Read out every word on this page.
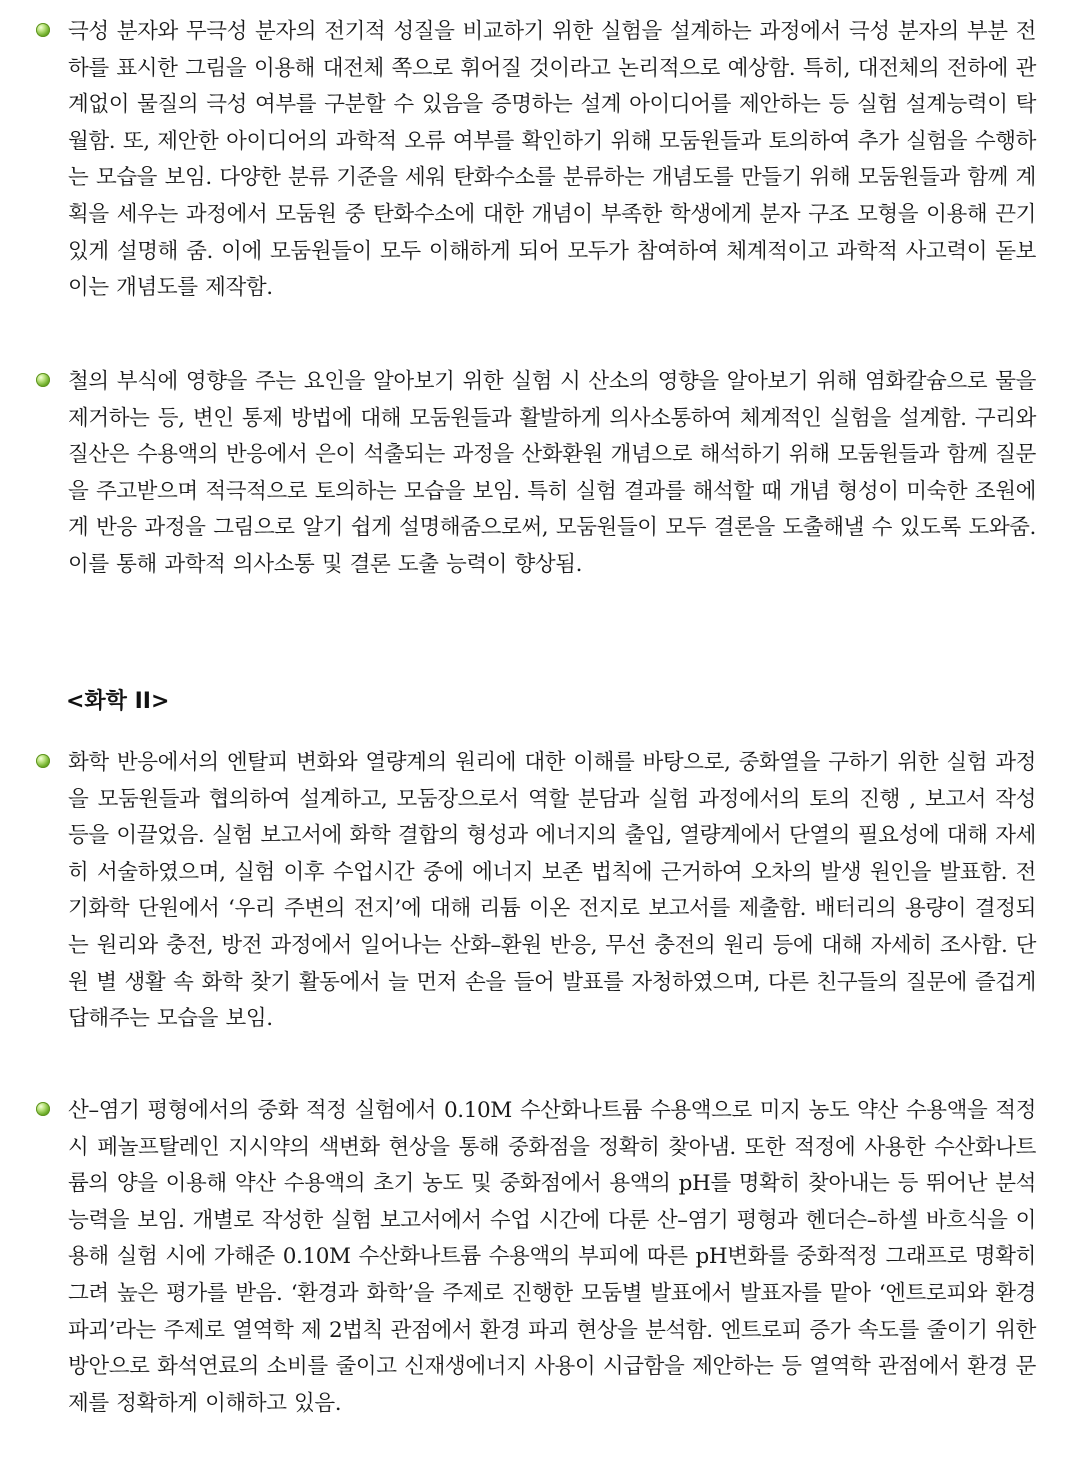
극성 분자와 무극성 분자의 전기적 성질을 비교하기 위한 실험을 설계하는 과정에서 극성 분자의 부분 전하를 표시한 그림을 이용해 대전체 쪽으로 휘어질 것이라고 논리적으로 예상함. 특히, 대전체의 전하에 관계없이 물질의 극성 여부를 구분할 수 있음을 증명하는 설계 아이디어를 제안하는 등 실험 설계능력이 탁월함. 또, 제안한 아이디어의 과학적 오류 여부를 확인하기 위해 모둠원들과 토의하여 추가 실험을 수행하는 모습을 보임. 다양한 분류 기준을 세워 탄화수소를 분류하는 개념도를 만들기 위해 모둠원들과 함께 계획을 세우는 과정에서 모둠원 중 탄화수소에 대한 개념이 부족한 학생에게 분자 구조 모형을 이용해 끈기 있게 설명해 줌. 이에 모둠원들이 모두 이해하게 되어 모두가 참여하여 체계적이고 과학적 사고력이 돋보이는 개념도를 제작함.

철의 부식에 영향을 주는 요인을 알아보기 위한 실험 시 산소의 영향을 알아보기 위해 염화칼슘으로 물을 제거하는 등, 변인 통제 방법에 대해 모둠원들과 활발하게 의사소통하여 체계적인 실험을 설계함. 구리와 질산은 수용액의 반응에서 은이 석출되는 과정을 산화환원 개념으로 해석하기 위해 모둠원들과 함께 질문을 주고받으며 적극적으로 토의하는 모습을 보임. 특히 실험 결과를 해석할 때 개념 형성이 미숙한 조원에게 반응 과정을 그림으로 알기 쉽게 설명해줌으로써, 모둠원들이 모두 결론을 도출해낼 수 있도록 도와줌. 이를 통해 과학적 의사소통 및 결론 도출 능력이 향상됨.

<화학 II>

화학 반응에서의 엔탈피 변화와 열량계의 원리에 대한 이해를 바탕으로, 중화열을 구하기 위한 실험 과정을 모둠원들과 협의하여 설계하고, 모둠장으로서 역할 분담과 실험 과정에서의 토의 진행 , 보고서 작성 등을 이끌었음. 실험 보고서에 화학 결합의 형성과 에너지의 출입, 열량계에서 단열의 필요성에 대해 자세히 서술하였으며, 실험 이후 수업시간 중에 에너지 보존 법칙에 근거하여 오차의 발생 원인을 발표함. 전기화학 단원에서 ‘우리 주변의 전지’에 대해 리튬 이온 전지로 보고서를 제출함. 배터리의 용량이 결정되는 원리와 충전, 방전 과정에서 일어나는 산화–환원 반응, 무선 충전의 원리 등에 대해 자세히 조사함. 단원 별 생활 속 화학 찾기 활동에서 늘 먼저 손을 들어 발표를 자청하였으며, 다른 친구들의 질문에 즐겁게 답해주는 모습을 보임.

산–염기 평형에서의 중화 적정 실험에서 0.10M 수산화나트륨 수용액으로 미지 농도 약산 수용액을 적정 시 페놀프탈레인 지시약의 색변화 현상을 통해 중화점을 정확히 찾아냄. 또한 적정에 사용한 수산화나트륨의 양을 이용해 약산 수용액의 초기 농도 및 중화점에서 용액의 pH를 명확히 찾아내는 등 뛰어난 분석 능력을 보임. 개별로 작성한 실험 보고서에서 수업 시간에 다룬 산–염기 평형과 헨더슨–하셀 바흐식을 이용해 실험 시에 가해준 0.10M 수산화나트륨 수용액의 부피에 따른 pH변화를 중화적정 그래프로 명확히 그려 높은 평가를 받음. ‘환경과 화학’을 주제로 진행한 모둠별 발표에서 발표자를 맡아 ‘엔트로피와 환경 파괴’라는 주제로 열역학 제 2법칙 관점에서 환경 파괴 현상을 분석함. 엔트로피 증가 속도를 줄이기 위한 방안으로 화석연료의 소비를 줄이고 신재생에너지 사용이 시급함을 제안하는 등 열역학 관점에서 환경 문제를 정확하게 이해하고 있음.
